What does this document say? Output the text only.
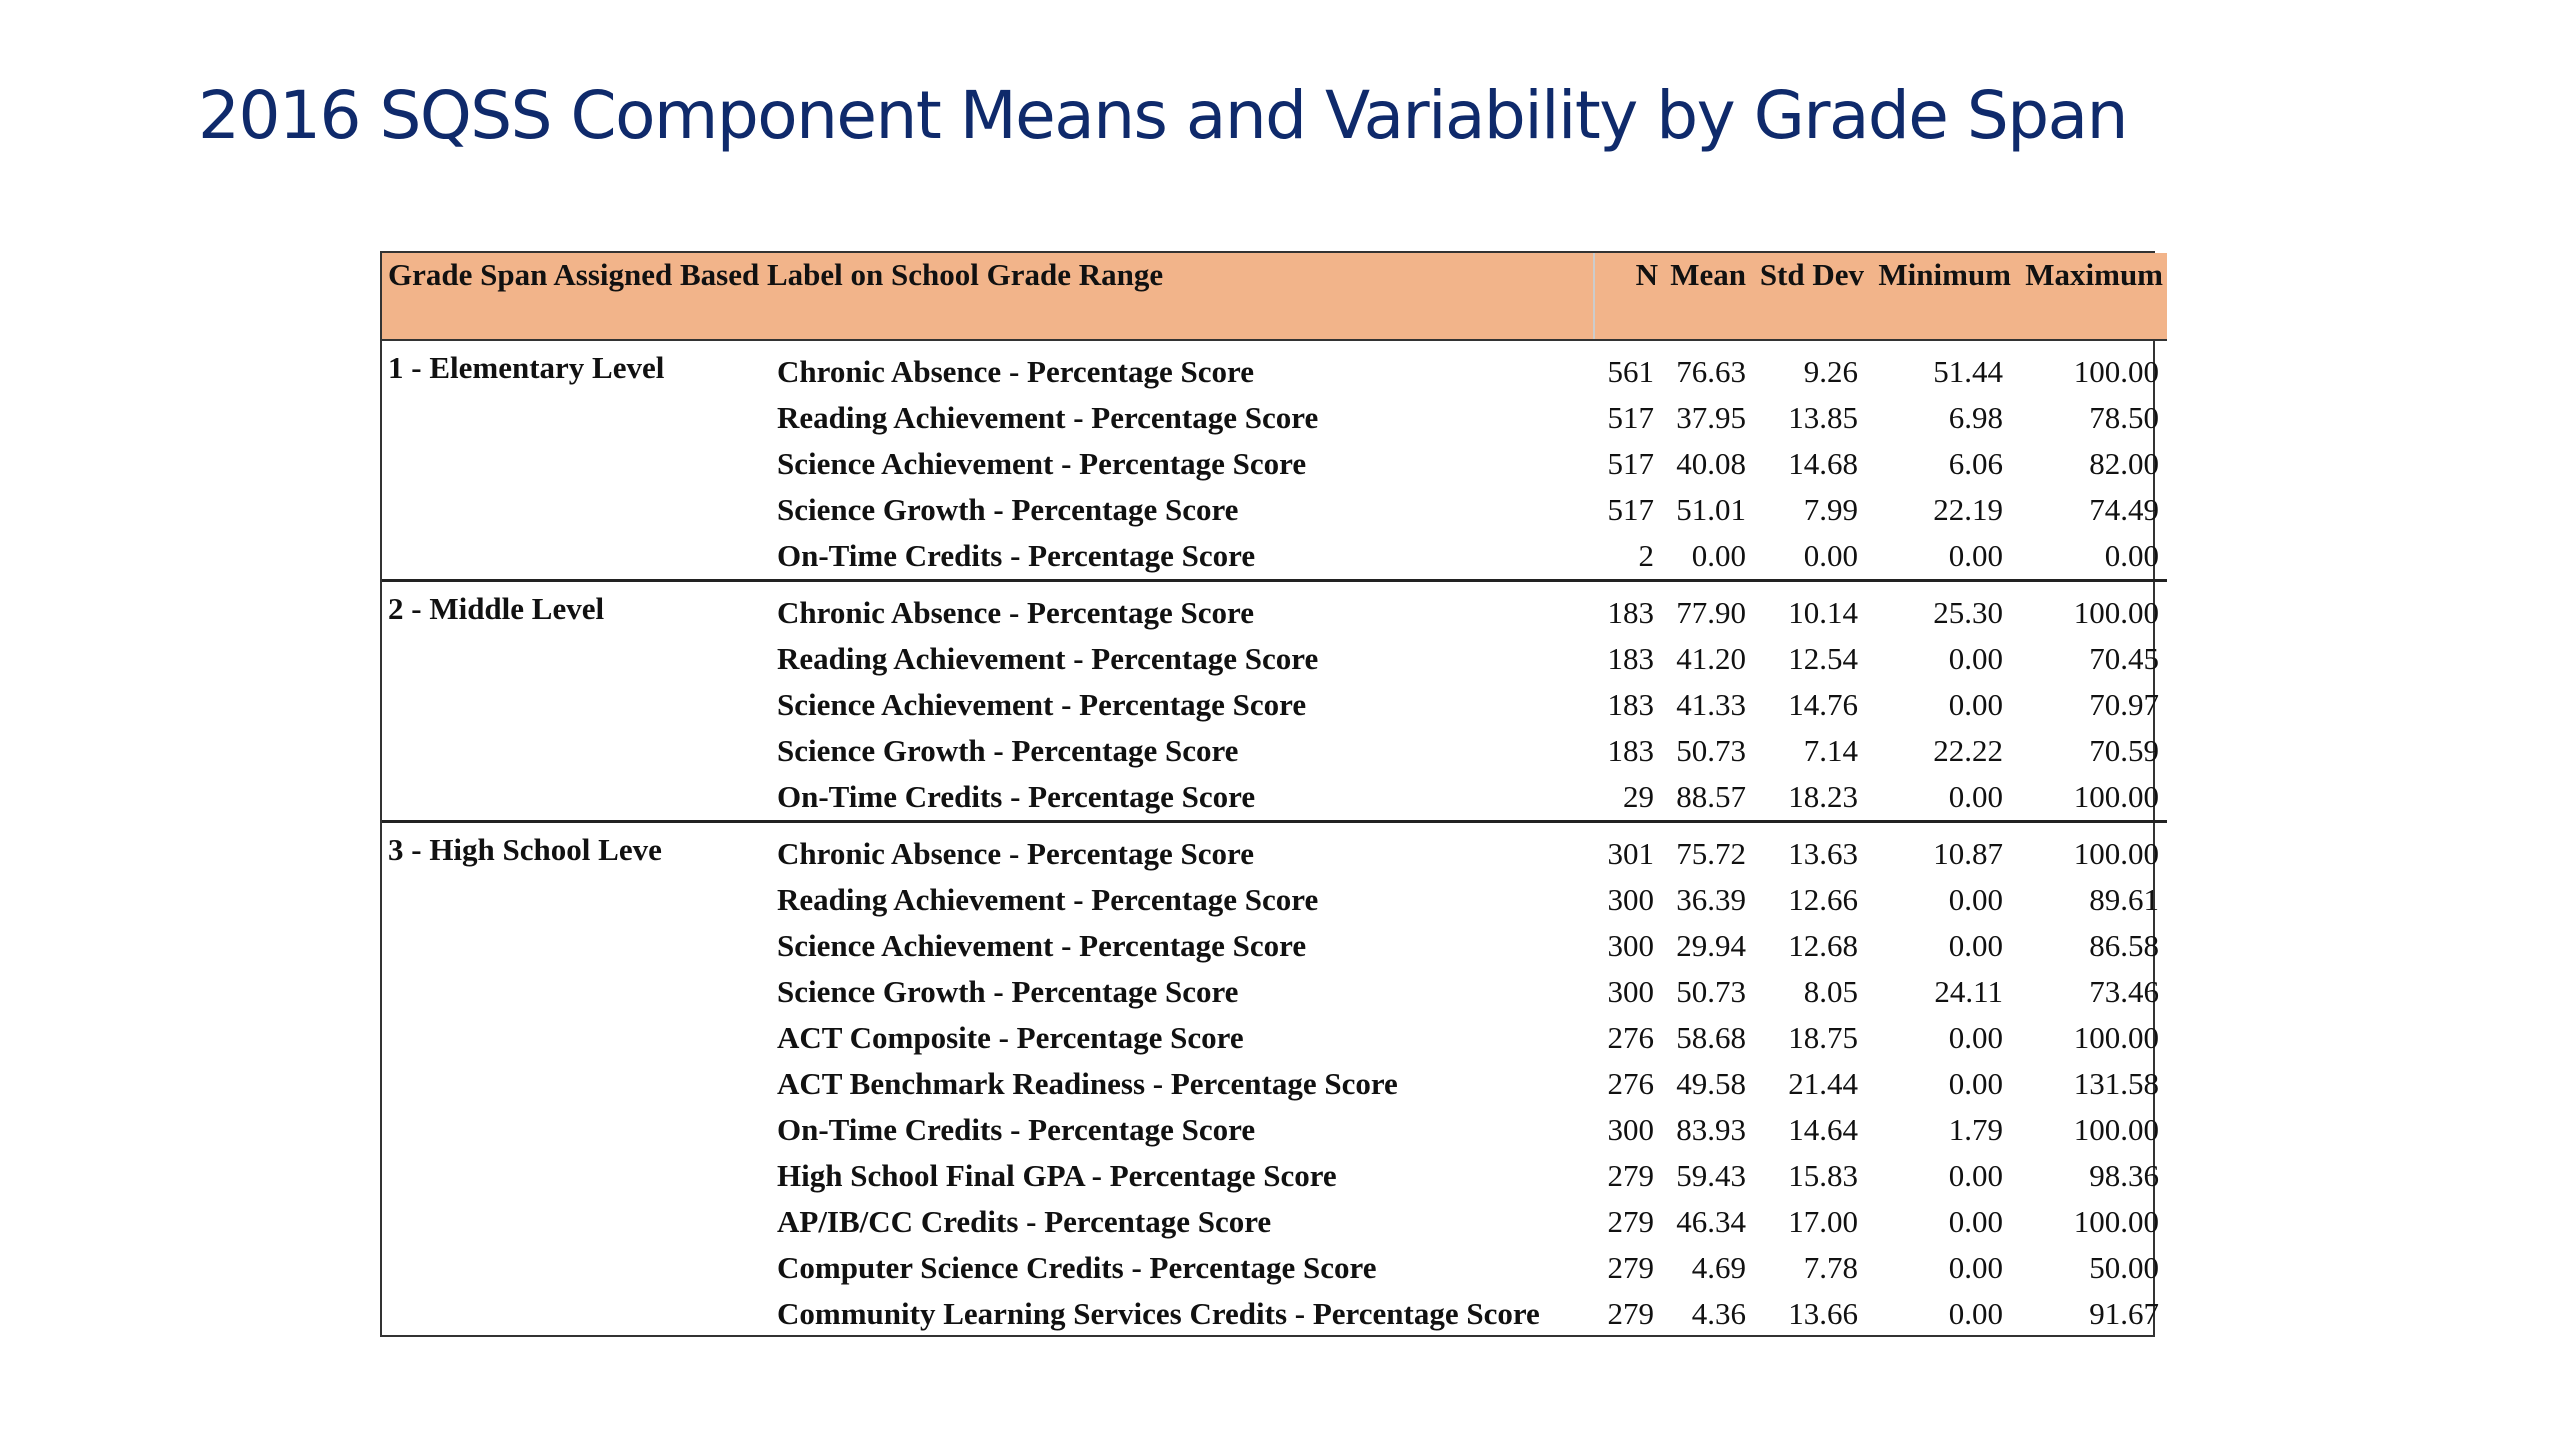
2016 SQSS Component Means and Variability by Grade Span
Grade Span Assigned Based Label on School Grade Range		N	Mean	Std Dev	Minimum	Maximum
1 - Elementary Level	Chronic Absence - Percentage Score	561	76.63	9.26	51.44	100.00
	Reading Achievement - Percentage Score	517	37.95	13.85	6.98	78.50
	Science Achievement - Percentage Score	517	40.08	14.68	6.06	82.00
	Science Growth - Percentage Score	517	51.01	7.99	22.19	74.49
	On-Time Credits - Percentage Score	2	0.00	0.00	0.00	0.00
2 - Middle Level	Chronic Absence - Percentage Score	183	77.90	10.14	25.30	100.00
	Reading Achievement - Percentage Score	183	41.20	12.54	0.00	70.45
	Science Achievement - Percentage Score	183	41.33	14.76	0.00	70.97
	Science Growth - Percentage Score	183	50.73	7.14	22.22	70.59
	On-Time Credits - Percentage Score	29	88.57	18.23	0.00	100.00
3 - High School Leve	Chronic Absence - Percentage Score	301	75.72	13.63	10.87	100.00
	Reading Achievement - Percentage Score	300	36.39	12.66	0.00	89.61
	Science Achievement - Percentage Score	300	29.94	12.68	0.00	86.58
	Science Growth - Percentage Score	300	50.73	8.05	24.11	73.46
	ACT Composite - Percentage Score	276	58.68	18.75	0.00	100.00
	ACT Benchmark Readiness - Percentage Score	276	49.58	21.44	0.00	131.58
	On-Time Credits - Percentage Score	300	83.93	14.64	1.79	100.00
	High School Final GPA - Percentage Score	279	59.43	15.83	0.00	98.36
	AP/IB/CC Credits - Percentage Score	279	46.34	17.00	0.00	100.00
	Computer Science Credits - Percentage Score	279	4.69	7.78	0.00	50.00
	Community Learning Services Credits - Percentage Score	279	4.36	13.66	0.00	91.67
